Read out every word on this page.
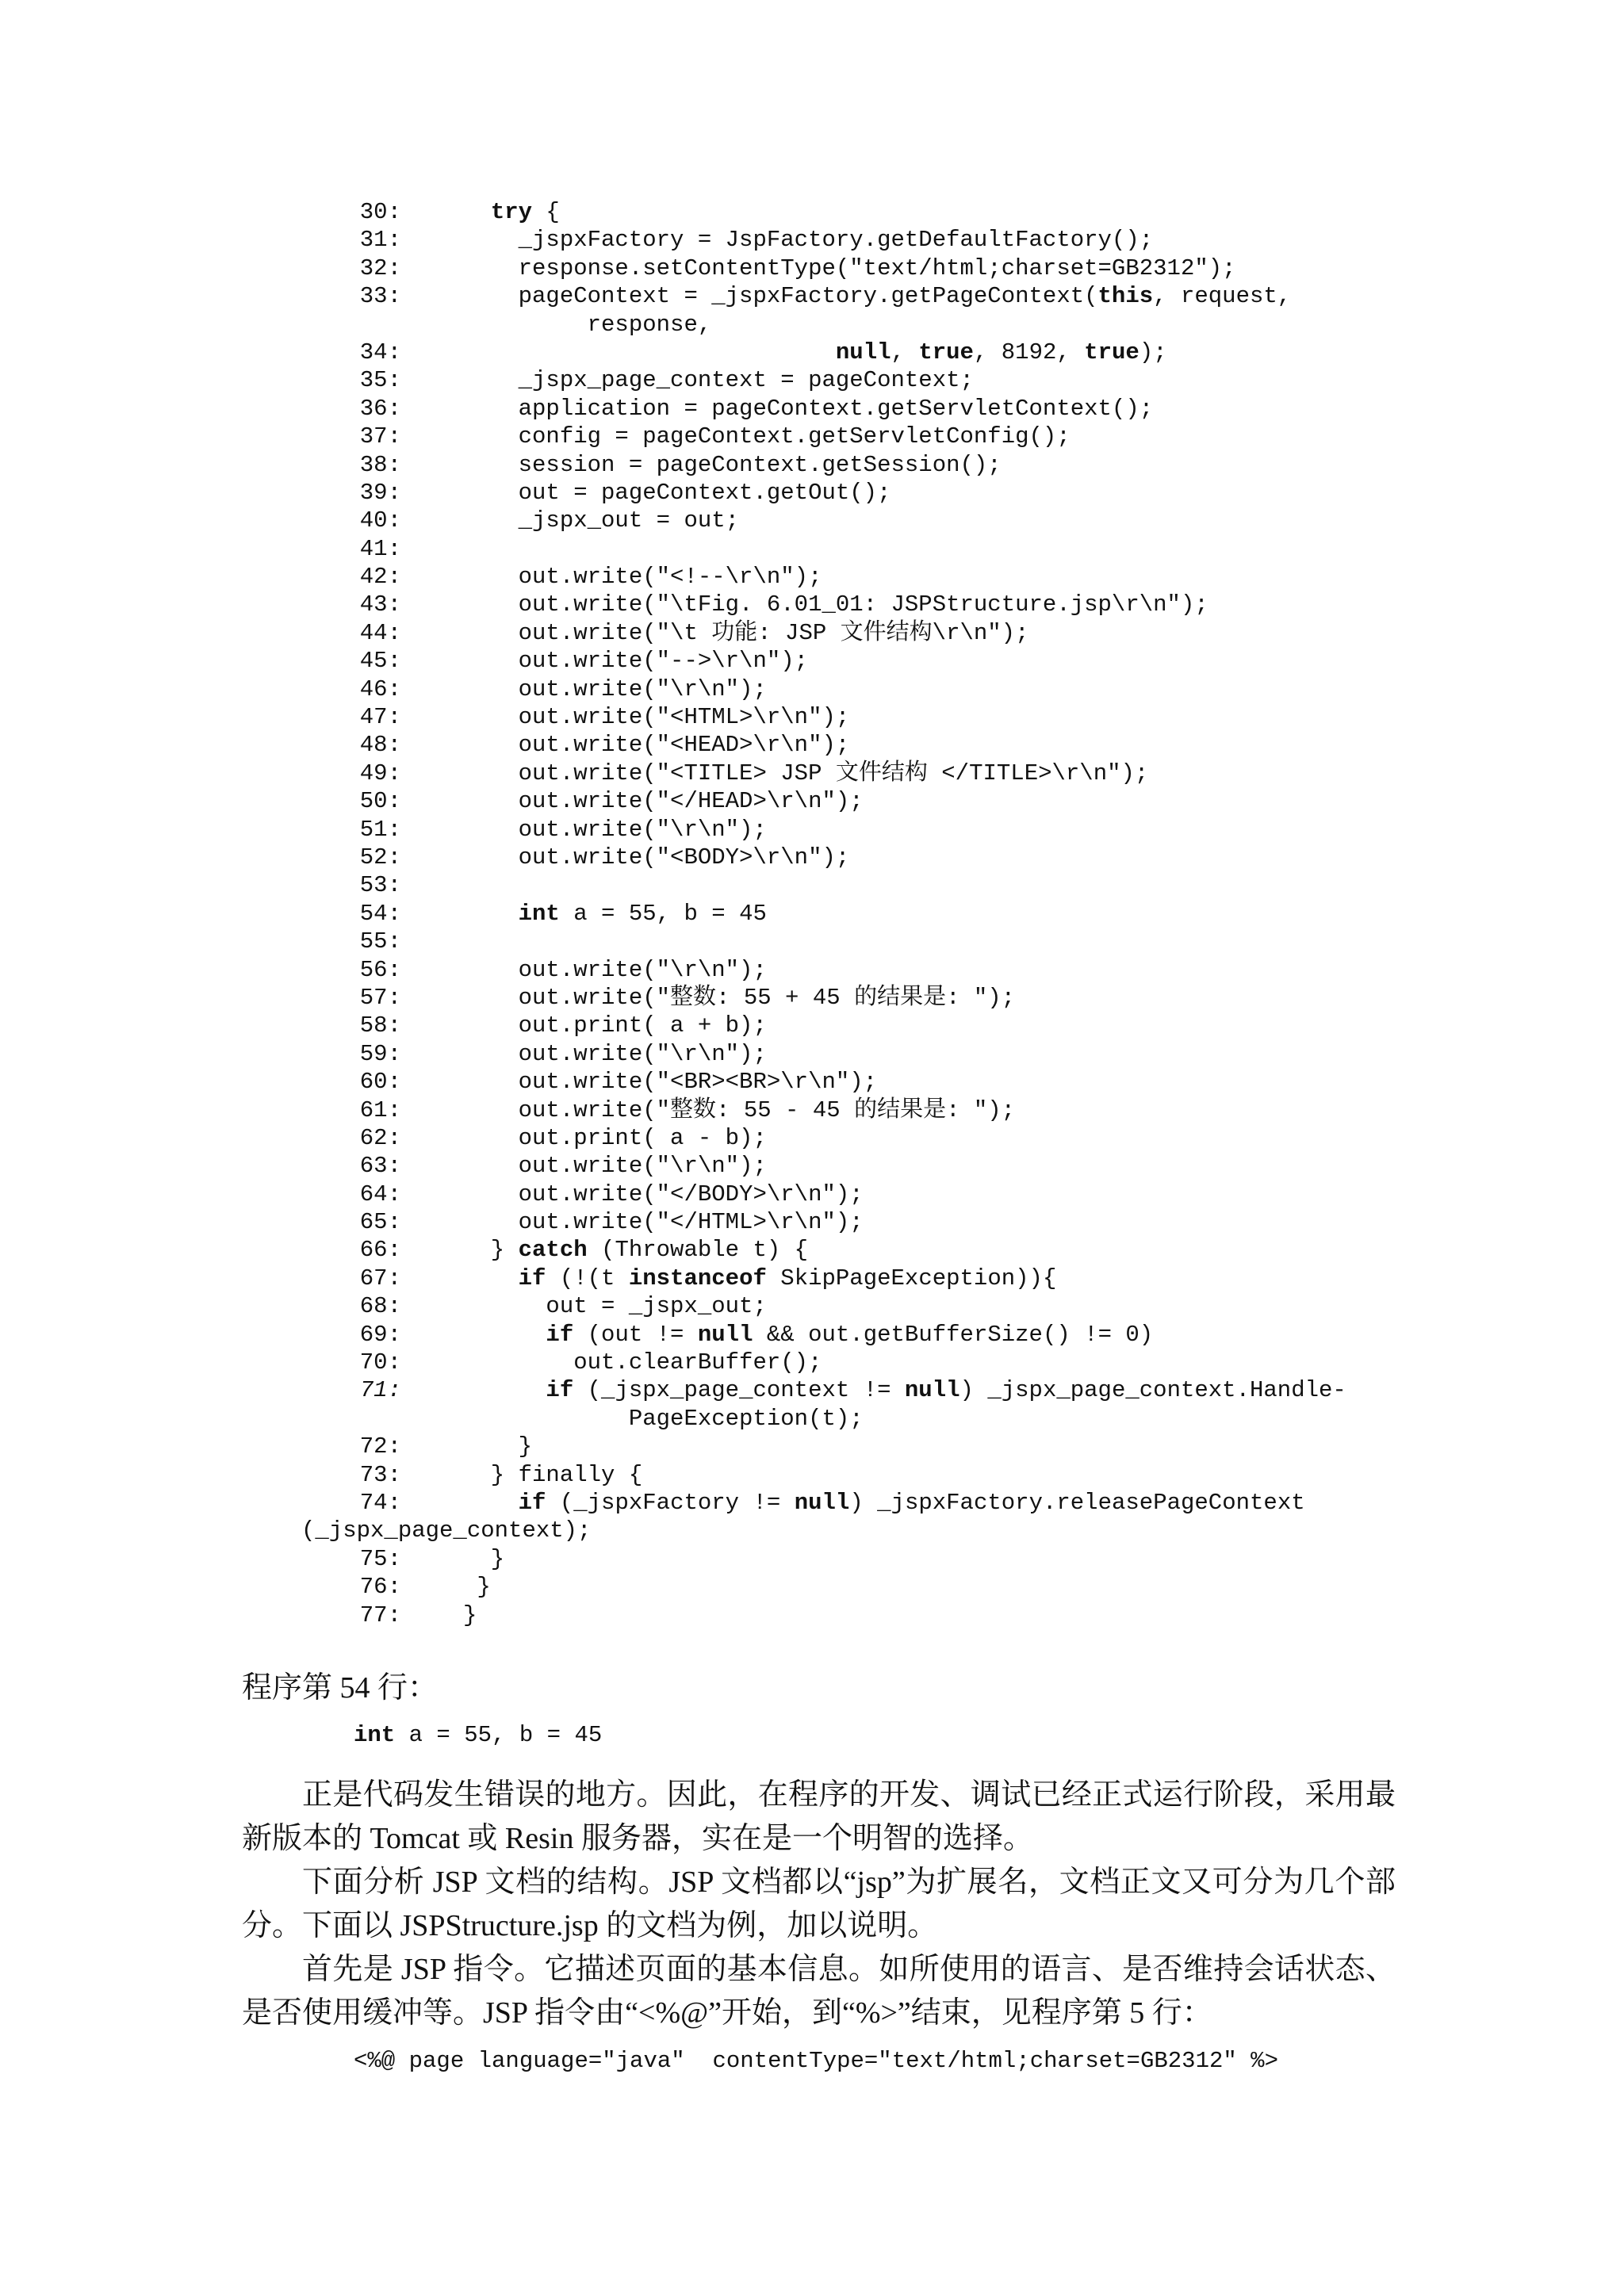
30:	try {
31:	_jspxFactory = JspFactory.getDefaultFactory();
32:	response.setContentType("text/html;charset=GB2312");
33:	pageContext = _jspxFactory.getPageContext(this, request,
response,
34:	null, true, 8192, true);
35:	_jspx_page_context = pageContext;
36:	application = pageContext.getServletContext();
37:	config = pageContext.getServletConfig();
38:	session = pageContext.getSession();
39:	out = pageContext.getOut();
40:	_jspx_out = out;
41:
42:	out.write("<!--\r\n");
43:	out.write("\tFig. 6.01_01: JSPStructure.jsp\r\n");
44:	out.write("\t 功能: JSP 文件结构\r\n");
45:	out.write("-->\r\n");
46:	out.write("\r\n");
47:	out.write("<HTML>\r\n");
48:	out.write("<HEAD>\r\n");
49:	out.write("<TITLE> JSP 文件结构 </TITLE>\r\n");
50:	out.write("</HEAD>\r\n");
51:	out.write("\r\n");
52:	out.write("<BODY>\r\n");
53:
54:	int a = 55, b = 45
55:
56:	out.write("\r\n");
57:	out.write("整数: 55 + 45 的结果是: ");
58:	out.print( a + b);
59:	out.write("\r\n");
60:	out.write("<BR><BR>\r\n");
61:	out.write("整数: 55 - 45 的结果是: ");
62:	out.print( a - b);
63:	out.write("\r\n");
64:	out.write("</BODY>\r\n");
65:	out.write("</HTML>\r\n");
66:	} catch (Throwable t) {
67:	if (!(t instanceof SkipPageException)){
68:	out = _jspx_out;
69:	if (out != null && out.getBufferSize() != 0)
70:	out.clearBuffer();
71:	if (_jspx_page_context != null) _jspx_page_context.Handle-
PageException(t);
72:	}
73:	} finally {
74:	if (_jspxFactory != null) _jspxFactory.releasePageContext
(_jspx_page_context);
75:	}
76:	}
77:	}
程序第 54 行：
int a = 55, b = 45

正是代码发生错误的地方。因此，在程序的开发、调试已经正式运行阶段，采用最新版本的 Tomcat 或 Resin 服务器，实在是一个明智的选择。

下面分析 JSP 文档的结构。JSP 文档都以“jsp”为扩展名，文档正文又可分为几个部分。下面以 JSPStructure.jsp 的文档为例，加以说明。

首先是 JSP 指令。它描述页面的基本信息。如所使用的语言、是否维持会话状态、是否使用缓冲等。JSP 指令由“<%@”开始，到“%>”结束，见程序第 5 行：

<%@ page language="java"  contentType="text/html;charset=GB2312" %>
